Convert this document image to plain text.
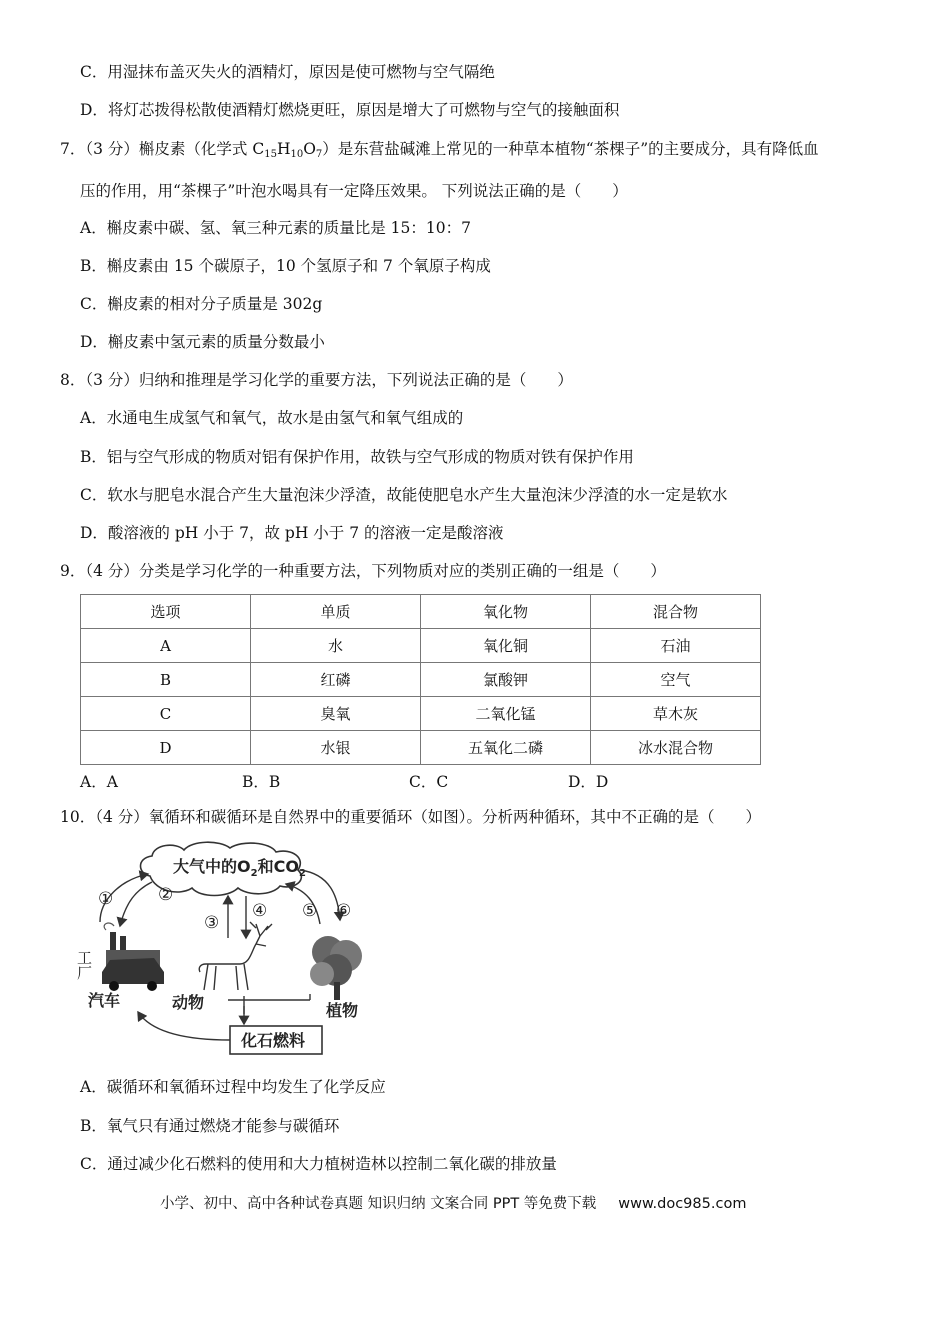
C．用湿抹布盖灭失火的酒精灯，原因是使可燃物与空气隔绝
D．将灯芯拨得松散使酒精灯燃烧更旺，原因是增大了可燃物与空气的接触面积
7．（3 分）槲皮素（化学式 $C_{15}H_{10}O_7$）是东营盐碱滩上常见的一种草本植物“茶棵子”的主要成分，具有降低血
压的作用，用“茶棵子”叶泡水喝具有一定降压效果。 下列说法正确的是（　　）
A．槲皮素中碳、氢、氧三种元素的质量比是 15：10：7
B．槲皮素由 15 个碳原子，10 个氢原子和 7 个氧原子构成
C．槲皮素的相对分子质量是 302g
D．槲皮素中氢元素的质量分数最小
8．（3 分）归纳和推理是学习化学的重要方法，下列说法正确的是（　　）
A．水通电生成氢气和氧气，故水是由氢气和氧气组成的
B．铝与空气形成的物质对铝有保护作用，故铁与空气形成的物质对铁有保护作用
C．软水与肥皂水混合产生大量泡沫少浮渣，故能使肥皂水产生大量泡沫少浮渣的水一定是软水
D．酸溶液的 pH 小于 7，故 pH 小于 7 的溶液一定是酸溶液
9．（4 分）分类是学习化学的一种重要方法，下列物质对应的类别正确的一组是（　　）
选项	单质	氧化物	混合物
A	水	氧化铜	石油
B	红磷	氯酸钾	空气
C	臭氧	二氧化锰	草木灰
D	水银	五氧化二磷	冰水混合物
A．A	B．B	C．C	D．D
10．（4 分）氧循环和碳循环是自然界中的重要循环（如图）。分析两种循环，其中不正确的是（　　）
大气中的$O_2$和$CO_2$
①	②
③
④ ⑤ ⑥
工厂
汽车	动物	植物
化石燃料
A．碳循环和氧循环过程中均发生了化学反应
B．氧气只有通过燃烧才能参与碳循环
C．通过减少化石燃料的使用和大力植树造林以控制二氧化碳的排放量
小学、初中、高中各种试卷真题 知识归纳 文案合同 PPT 等免费下载 www.doc985.com
